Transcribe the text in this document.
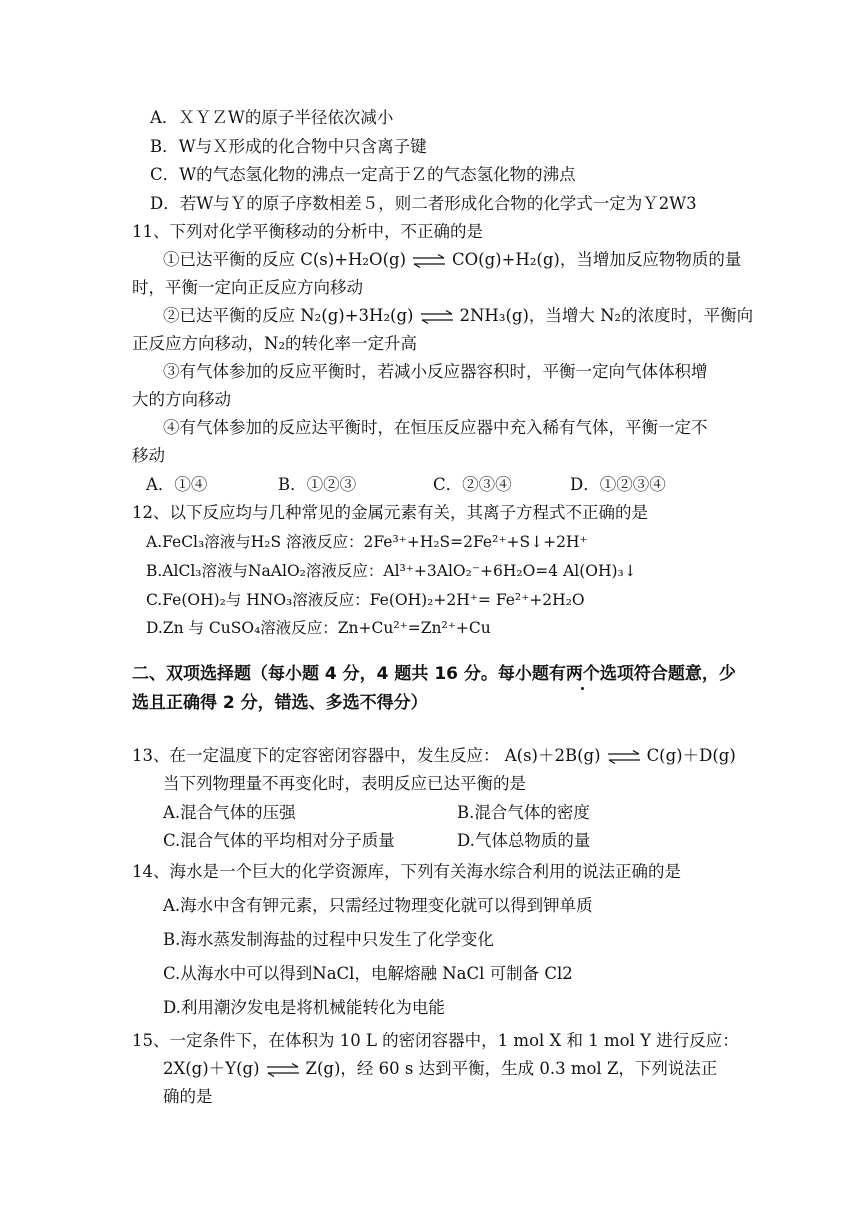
A．ＸＹＺW的原子半径依次减小
B．W与Ｘ形成的化合物中只含离子键
C．W的气态氢化物的沸点一定高于Ｚ的气态氢化物的沸点
D．若W与Ｙ的原子序数相差５，则二者形成化合物的化学式一定为Ｙ2W3
11、下列对化学平衡移动的分析中，不正确的是
①已达平衡的反应 C(s)+H₂O(g) ⇌ CO(g)+H₂(g)，当增加反应物物质的量
时，平衡一定向正反应方向移动
②已达平衡的反应 N₂(g)+3H₂(g) ⇌ 2NH₃(g)，当增大 N₂的浓度时，平衡向
正反应方向移动，N₂的转化率一定升高
③有气体参加的反应平衡时，若减小反应器容积时，平衡一定向气体体积增
大的方向移动
④有气体参加的反应达平衡时，在恒压反应器中充入稀有气体，平衡一定不
移动
A．①④	B．①②③	C．②③④	D．①②③④
12、以下反应均与几种常见的金属元素有关，其离子方程式不正确的是
A.FeCl₃溶液与H₂S 溶液反应：2Fe³⁺+H₂S=2Fe²⁺+S↓+2H⁺
B.AlCl₃溶液与NaAlO₂溶液反应：Al³⁺+3AlO₂⁻+6H₂O=4 Al(OH)₃↓
C.Fe(OH)₂与 HNO₃溶液反应：Fe(OH)₂+2H⁺= Fe²⁺+2H₂O
D.Zn 与 CuSO₄溶液反应：Zn+Cu²⁺=Zn²⁺+Cu
二、双项选择题（每小题 4 分，4 题共 16 分。每小题有两个选项符合题意，少
选且正确得 2 分，错选、多选不得分）
13、在一定温度下的定容密闭容器中，发生反应： A(s)＋2B(g) ⇌ C(g)＋D(g)
当下列物理量不再变化时，表明反应已达平衡的是
A.混合气体的压强	B.混合气体的密度
C.混合气体的平均相对分子质量	D.气体总物质的量
14、海水是一个巨大的化学资源库，下列有关海水综合利用的说法正确的是
A.海水中含有钾元素，只需经过物理变化就可以得到钾单质
B.海水蒸发制海盐的过程中只发生了化学变化
C.从海水中可以得到NaCl，电解熔融 NaCl 可制备 Cl2
D.利用潮汐发电是将机械能转化为电能
15、一定条件下，在体积为 10 L 的密闭容器中，1 mol X 和 1 mol Y 进行反应：
2X(g)＋Y(g) ⇌ Z(g)，经 60 s 达到平衡，生成 0.3 mol Z，下列说法正
确的是
